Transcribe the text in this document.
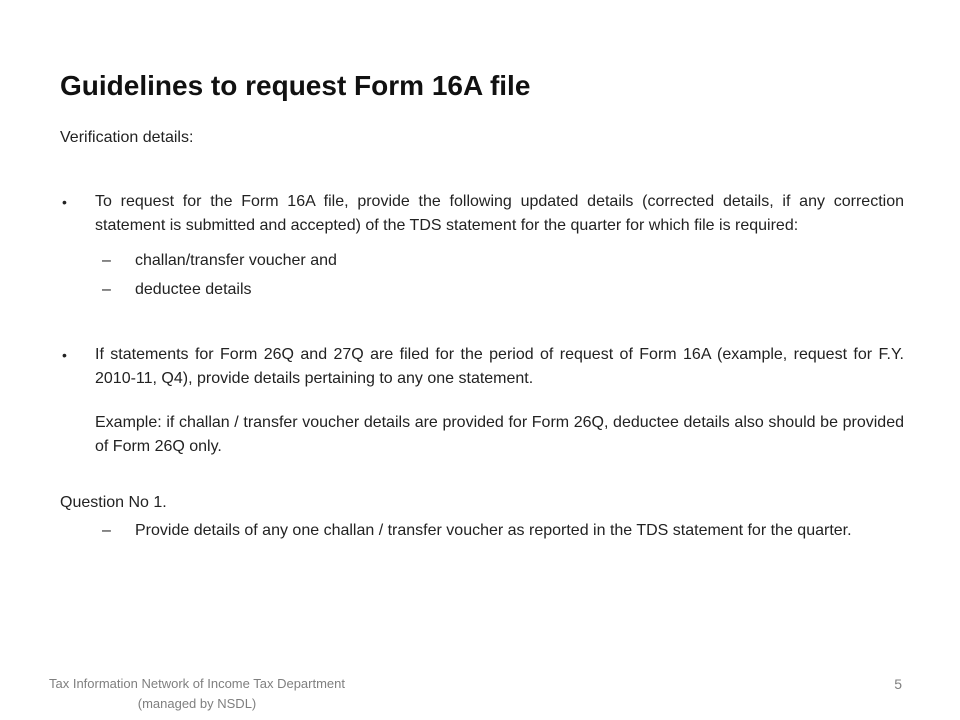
Guidelines to request Form 16A file

Verification details:

• To request for the Form 16A file, provide the following updated details (corrected details, if any correction statement is submitted and accepted) of the TDS statement for the quarter for which file is required:
– challan/transfer voucher and
– deductee details
• If statements for Form 26Q and 27Q are filed for the period of request of Form 16A (example, request for F.Y. 2010-11, Q4), provide details pertaining to any one statement.

Example: if challan / transfer voucher details are provided for Form 26Q, deductee details also should be provided of Form 26Q only.

Question No 1.

– Provide details of any one challan / transfer voucher as reported in the TDS statement for the quarter.
Tax Information Network of Income Tax Department
(managed by NSDL)
5
